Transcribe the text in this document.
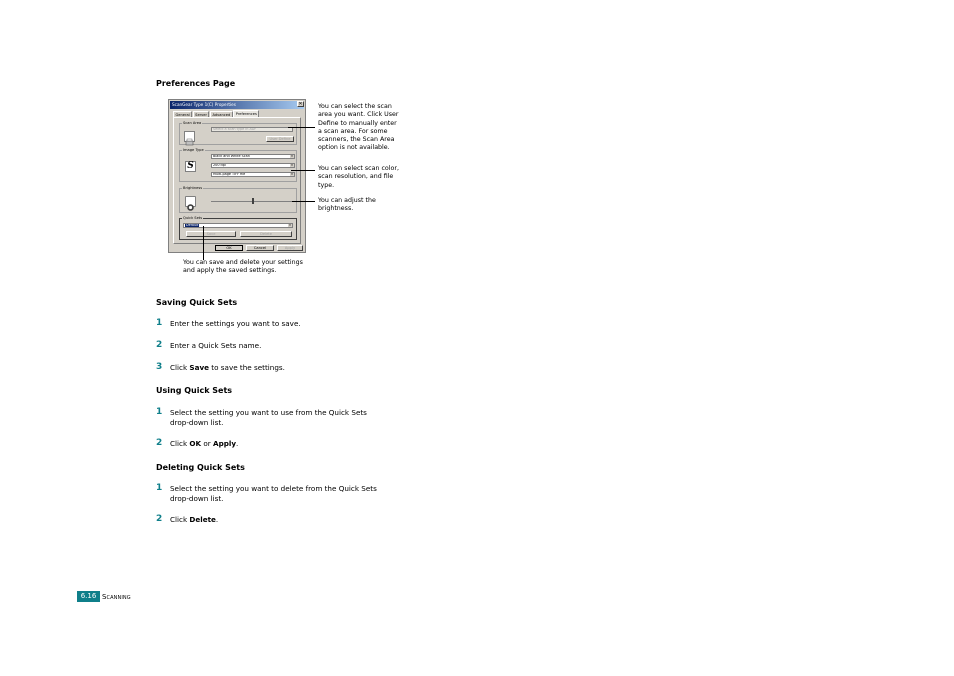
Preferences Page
ScanGear Type 1(C) Properties	✕
General	Server	Advanced	Preferences
Scan Area
Select a scan type in ADF
User Define
Image Type
S
Black and White Scan	▾
200 dpi	▾
Multi-page TIFF file	▾
Brightness
Quick Sets
Default	▾
Save	Delete
OK	Cancel	Apply
You can select the scan area you want. Click User Define to manually enter a scan area. For some scanners, the Scan Area option is not available.
You can select scan color, scan resolution, and file type.
You can adjust the brightness.
You can save and delete your settings and apply the saved settings.
Saving Quick Sets
1 Enter the settings you want to save.
2 Enter a Quick Sets name.
3 Click Save to save the settings.
Using Quick Sets
1 Select the setting you want to use from the Quick Sets
drop-down list.
2 Click OK or Apply.
Deleting Quick Sets
1 Select the setting you want to delete from the Quick Sets
drop-down list.
2 Click Delete.
6.16 Scanning
